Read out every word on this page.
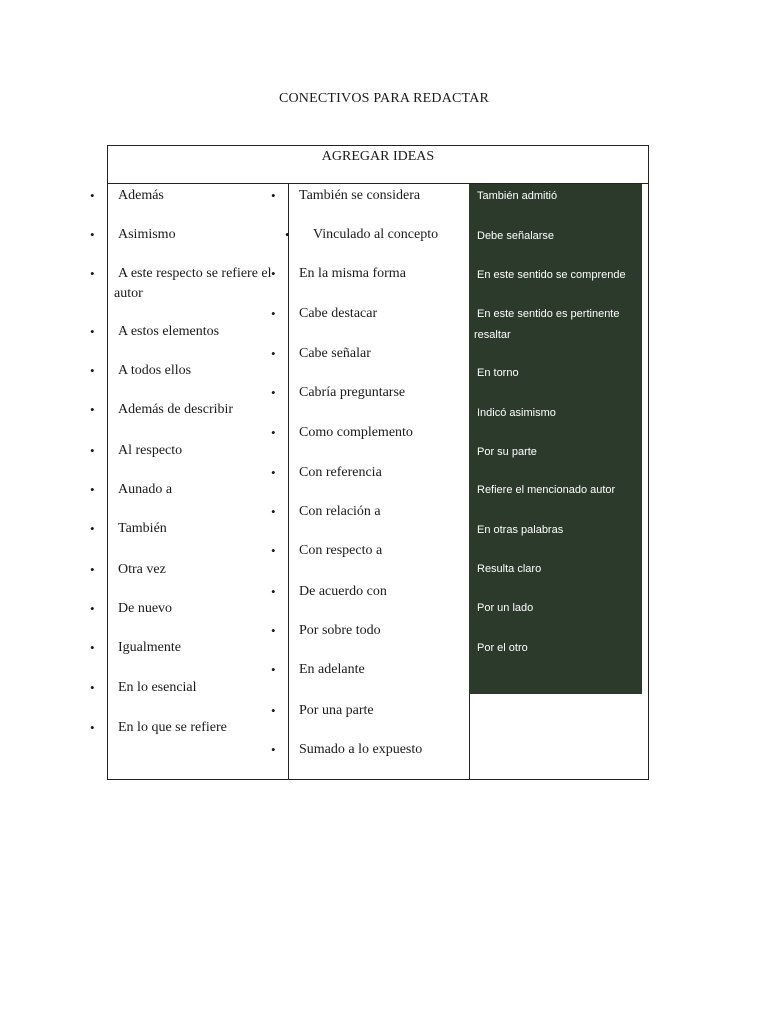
CONECTIVOS PARA REDACTAR
AGREGAR IDEAS
• Además
• Asimismo
• A este respecto se refiere el autor
• A estos elementos
• A todos ellos
• Además de describir
• Al respecto
• Aunado a
• También
• Otra vez
• De nuevo
• Igualmente
• En lo esencial
• En lo que se refiere
• También se considera
• Vinculado al concepto
• En la misma forma
• Cabe destacar
• Cabe señalar
• Cabría preguntarse
• Como complemento
• Con referencia
• Con relación a
• Con respecto a
• De acuerdo con
• Por sobre todo
• En adelante
• Por una parte
• Sumado a lo expuesto
También admitió
Debe señalarse
En este sentido se comprende
En este sentido es pertinente
resaltar
En torno
Indicó asimismo
Por su parte
Refiere el mencionado autor
En otras palabras
Resulta claro
Por un lado
Por el otro
